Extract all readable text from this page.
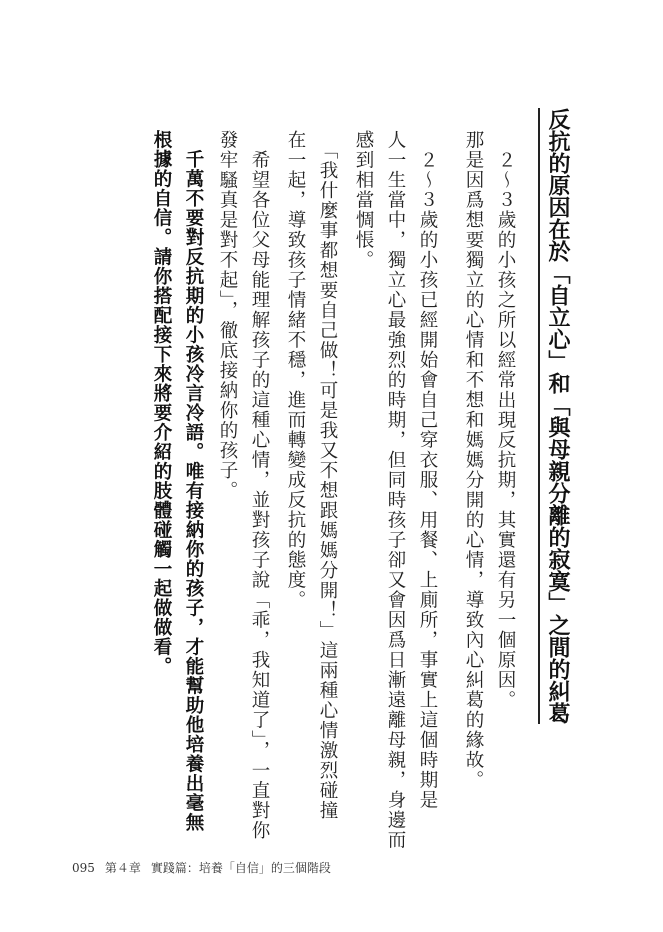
反抗的原因在於「自立心」和「與母親分離的寂寞」之間的糾葛
　２～３歲的小孩之所以經常出現反抗期，其實還有另一個原因。
那是因爲想要獨立的心情和不想和媽媽分開的心情，導致內心糾葛的緣故。
　２～３歲的小孩已經開始會自己穿衣服、用餐、上廁所，事實上這個時期是
人一生當中，獨立心最強烈的時期，但同時孩子卻又會因爲日漸遠離母親，身邊而
感到相當惆悵。
　「我什麼事都想要自己做！可是我又不想跟媽媽分開！」這兩種心情激烈碰撞
在一起，導致孩子情緒不穩，進而轉變成反抗的態度。
　希望各位父母能理解孩子的這種心情，並對孩子說「乖，我知道了」，一直對你
發牢騷真是對不起」，徹底接納你的孩子。
　千萬不要對反抗期的小孩冷言冷語。唯有接納你的孩子，才能幫助他培養出毫無
根據的自信。請你搭配接下來將要介紹的肢體碰觸一起做做看。
095 第４章 實踐篇：培養「自信」的三個階段
